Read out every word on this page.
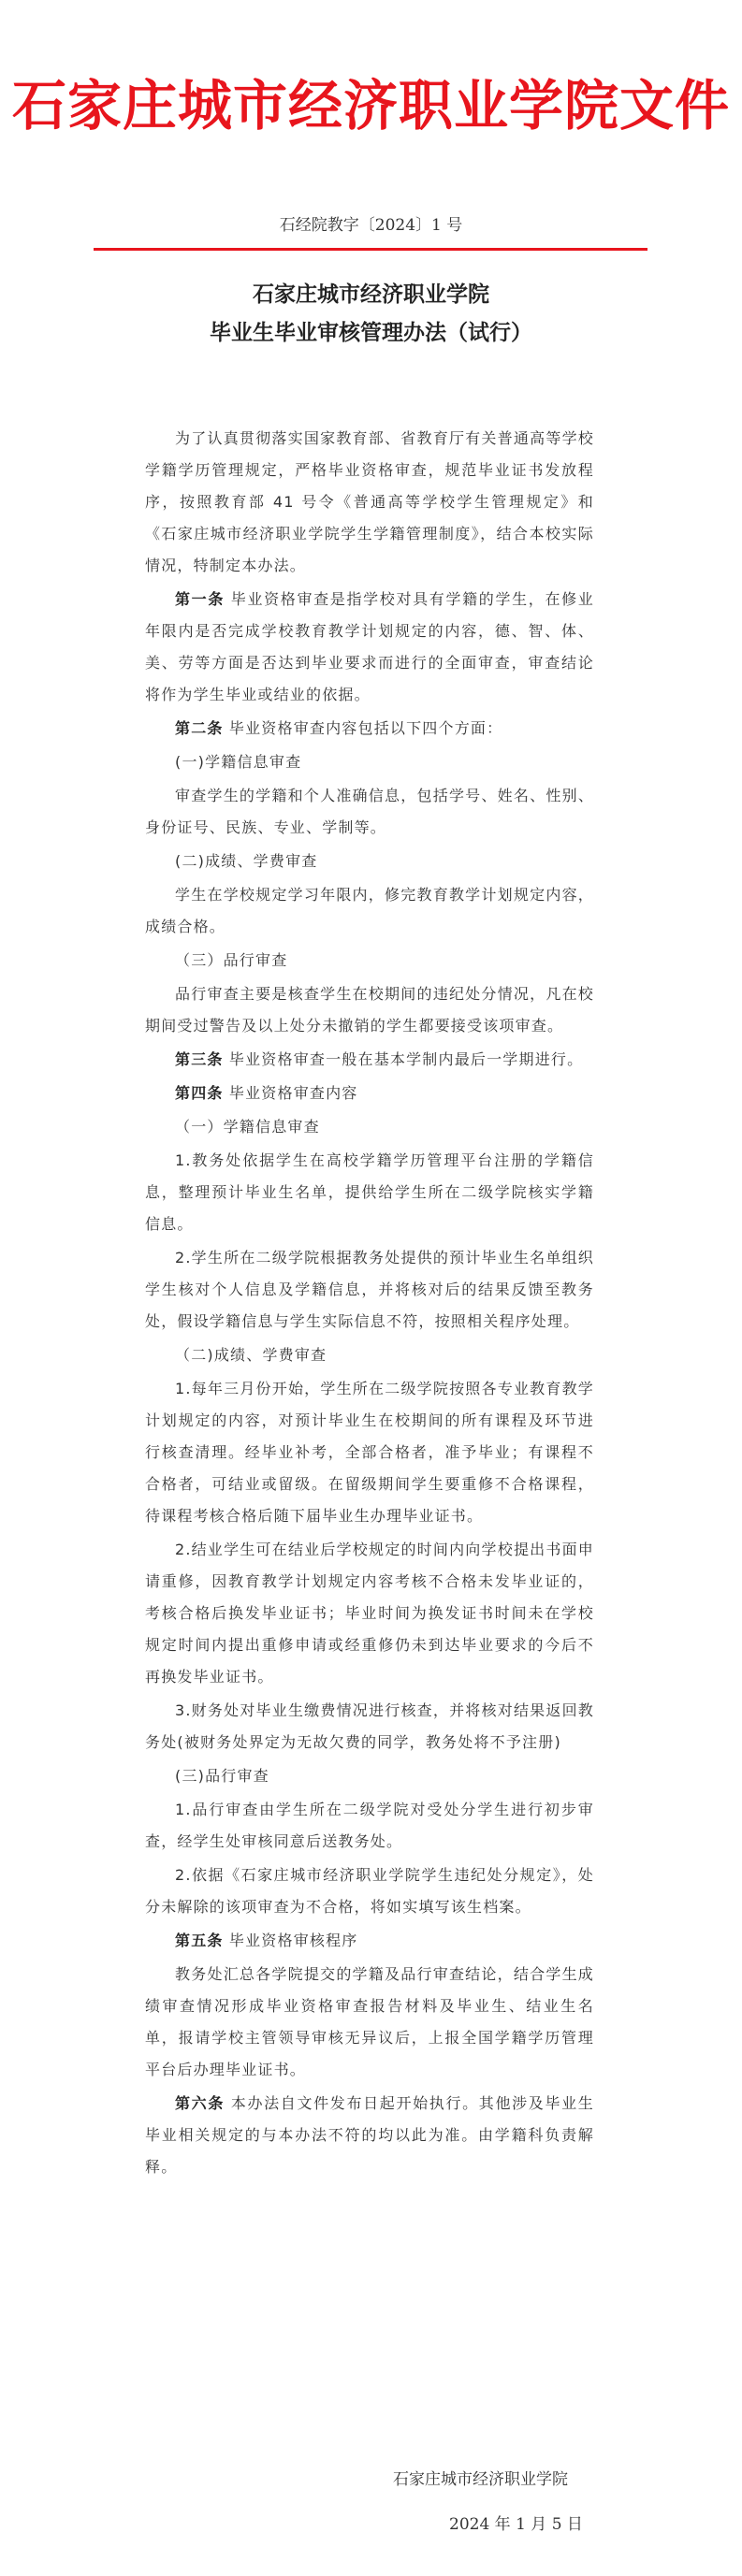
石家庄城市经济职业学院文件

石经院教字〔2024〕1 号

石家庄城市经济职业学院
毕业生毕业审核管理办法（试行）

为了认真贯彻落实国家教育部、省教育厅有关普通高等学校学籍学历管理规定，严格毕业资格审查，规范毕业证书发放程序，按照教育部 41 号令《普通高等学校学生管理规定》和《石家庄城市经济职业学院学生学籍管理制度》，结合本校实际情况，特制定本办法。

第一条 毕业资格审查是指学校对具有学籍的学生，在修业年限内是否完成学校教育教学计划规定的内容，德、智、体、美、劳等方面是否达到毕业要求而进行的全面审查，审查结论将作为学生毕业或结业的依据。

第二条 毕业资格审查内容包括以下四个方面：

(一)学籍信息审查

审查学生的学籍和个人准确信息，包括学号、姓名、性别、身份证号、民族、专业、学制等。

(二)成绩、学费审查

学生在学校规定学习年限内，修完教育教学计划规定内容，成绩合格。

（三）品行审查

品行审查主要是核查学生在校期间的违纪处分情况，凡在校期间受过警告及以上处分未撤销的学生都要接受该项审查。

第三条 毕业资格审查一般在基本学制内最后一学期进行。

第四条 毕业资格审查内容

（一）学籍信息审查

1.教务处依据学生在高校学籍学历管理平台注册的学籍信息，整理预计毕业生名单，提供给学生所在二级学院核实学籍信息。

2.学生所在二级学院根据教务处提供的预计毕业生名单组织学生核对个人信息及学籍信息，并将核对后的结果反馈至教务处，假设学籍信息与学生实际信息不符，按照相关程序处理。

（二)成绩、学费审查

1.每年三月份开始，学生所在二级学院按照各专业教育教学计划规定的内容，对预计毕业生在校期间的所有课程及环节进行核查清理。经毕业补考，全部合格者，准予毕业；有课程不合格者，可结业或留级。在留级期间学生要重修不合格课程，待课程考核合格后随下届毕业生办理毕业证书。

2.结业学生可在结业后学校规定的时间内向学校提出书面申请重修，因教育教学计划规定内容考核不合格未发毕业证的，考核合格后换发毕业证书；毕业时间为换发证书时间未在学校规定时间内提出重修申请或经重修仍未到达毕业要求的今后不再换发毕业证书。

3.财务处对毕业生缴费情况进行核查，并将核对结果返回教务处(被财务处界定为无故欠费的同学，教务处将不予注册)

(三)品行审查

1.品行审查由学生所在二级学院对受处分学生进行初步审查，经学生处审核同意后送教务处。

2.依据《石家庄城市经济职业学院学生违纪处分规定》，处分未解除的该项审查为不合格，将如实填写该生档案。

第五条 毕业资格审核程序

教务处汇总各学院提交的学籍及品行审查结论，结合学生成绩审查情况形成毕业资格审查报告材料及毕业生、结业生名单，报请学校主管领导审核无异议后，上报全国学籍学历管理平台后办理毕业证书。

第六条 本办法自文件发布日起开始执行。其他涉及毕业生毕业相关规定的与本办法不符的均以此为准。由学籍科负责解释。

石家庄城市经济职业学院

2024 年 1 月 5 日
